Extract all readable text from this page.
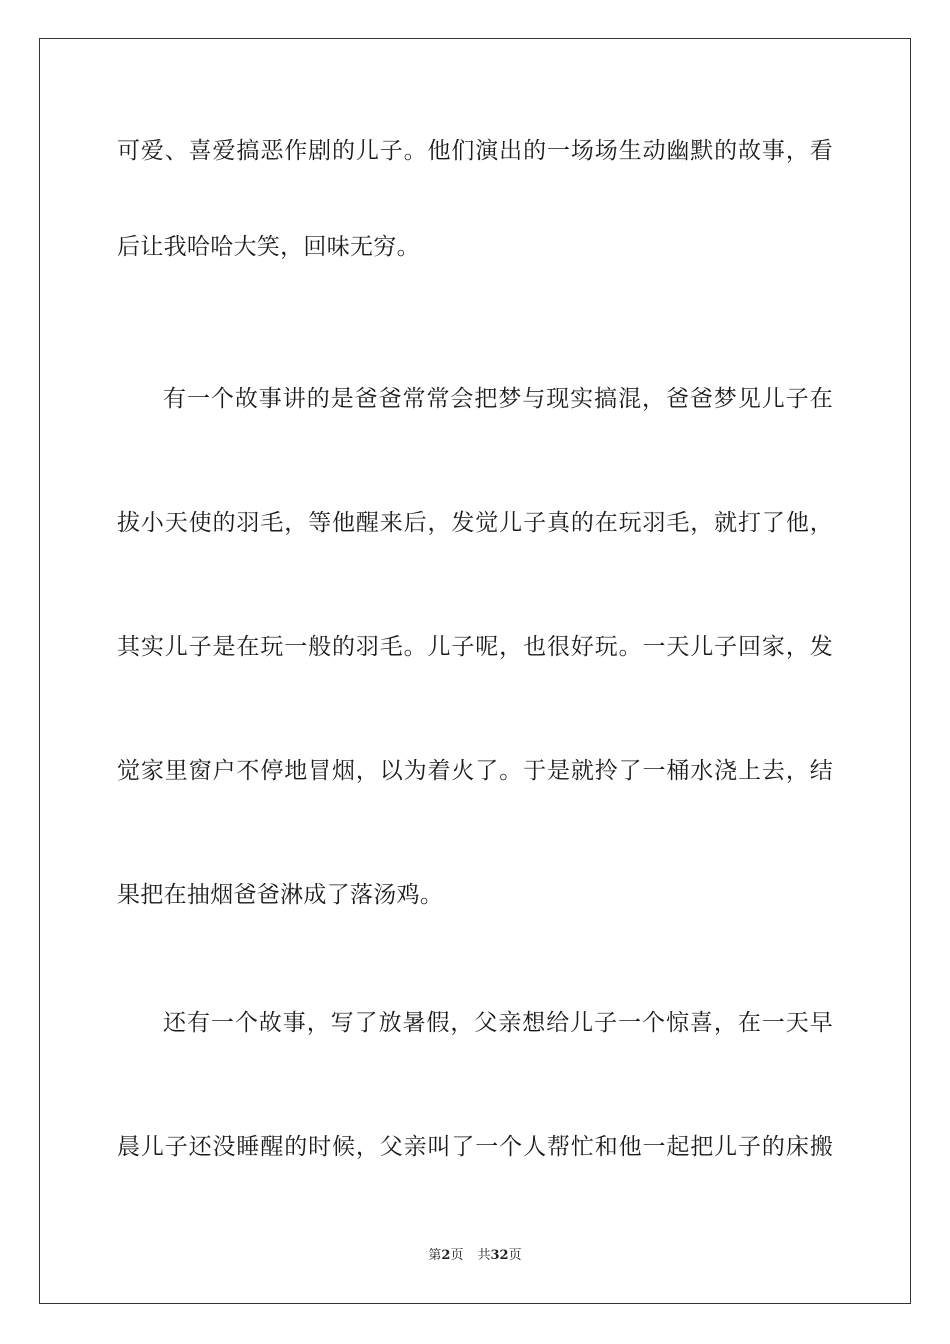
可爱、喜爱搞恶作剧的儿子。他们演出的一场场生动幽默的故事，看
后让我哈哈大笑，回味无穷。
有一个故事讲的是爸爸常常会把梦与现实搞混，爸爸梦见儿子在
拔小天使的羽毛，等他醒来后，发觉儿子真的在玩羽毛，就打了他，
其实儿子是在玩一般的羽毛。儿子呢，也很好玩。一天儿子回家，发
觉家里窗户不停地冒烟，以为着火了。于是就拎了一桶水浇上去，结
果把在抽烟爸爸淋成了落汤鸡。
还有一个故事，写了放暑假，父亲想给儿子一个惊喜，在一天早
晨儿子还没睡醒的时候，父亲叫了一个人帮忙和他一起把儿子的床搬
第2页 共32页
